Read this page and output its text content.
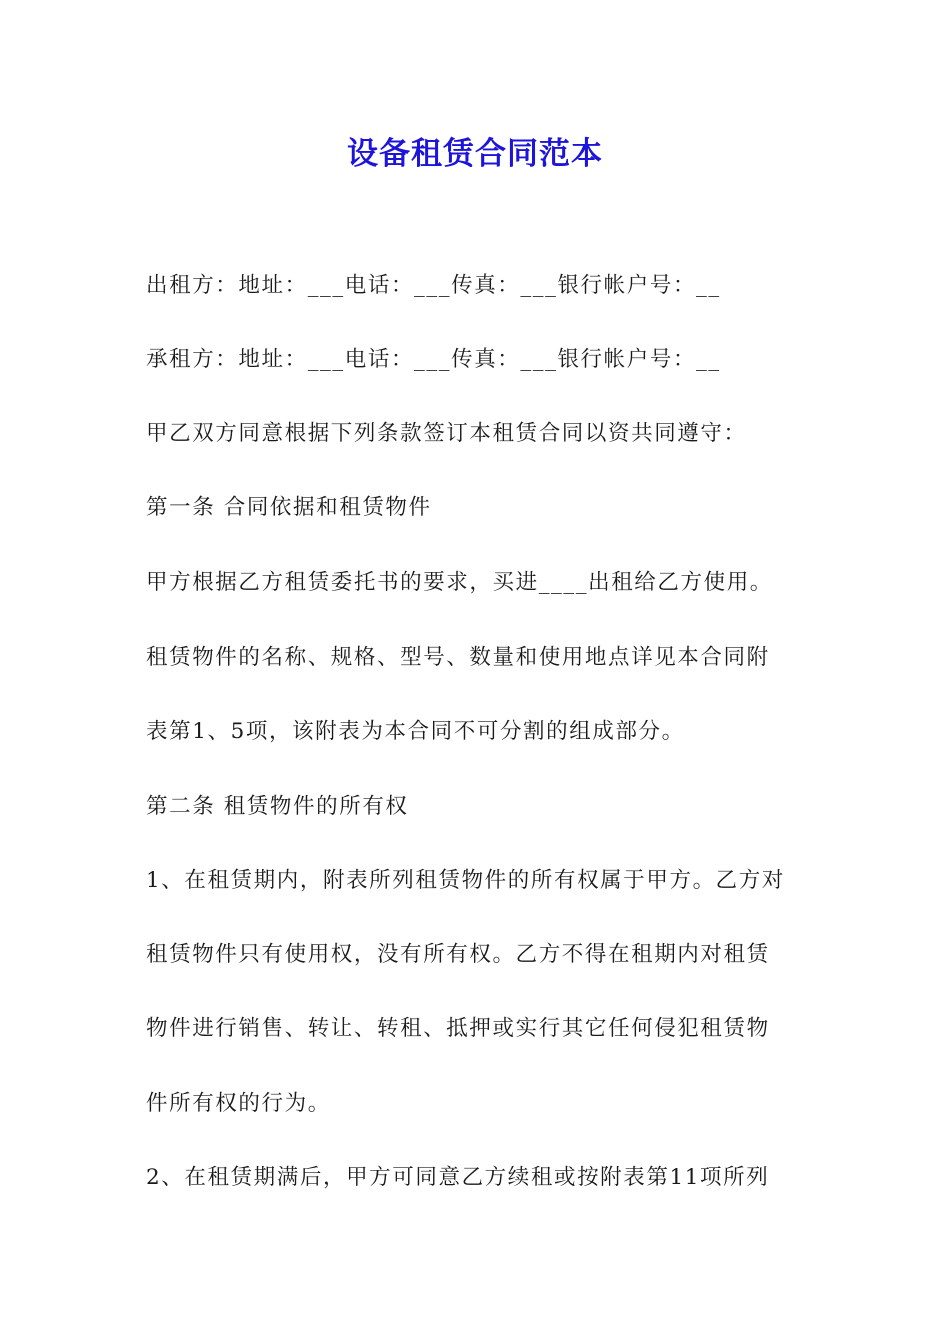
设备租赁合同范本

出租方：地址：___电话：___传真：___银行帐户号：__

承租方：地址：___电话：___传真：___银行帐户号：__

甲乙双方同意根据下列条款签订本租赁合同以资共同遵守：

第一条 合同依据和租赁物件

甲方根据乙方租赁委托书的要求，买进____出租给乙方使用。

租赁物件的名称、规格、型号、数量和使用地点详见本合同附

表第1、5项，该附表为本合同不可分割的组成部分。

第二条 租赁物件的所有权

1、在租赁期内，附表所列租赁物件的所有权属于甲方。乙方对

租赁物件只有使用权，没有所有权。乙方不得在租期内对租赁

物件进行销售、转让、转租、抵押或实行其它任何侵犯租赁物

件所有权的行为。

2、在租赁期满后，甲方可同意乙方续租或按附表第11项所列
